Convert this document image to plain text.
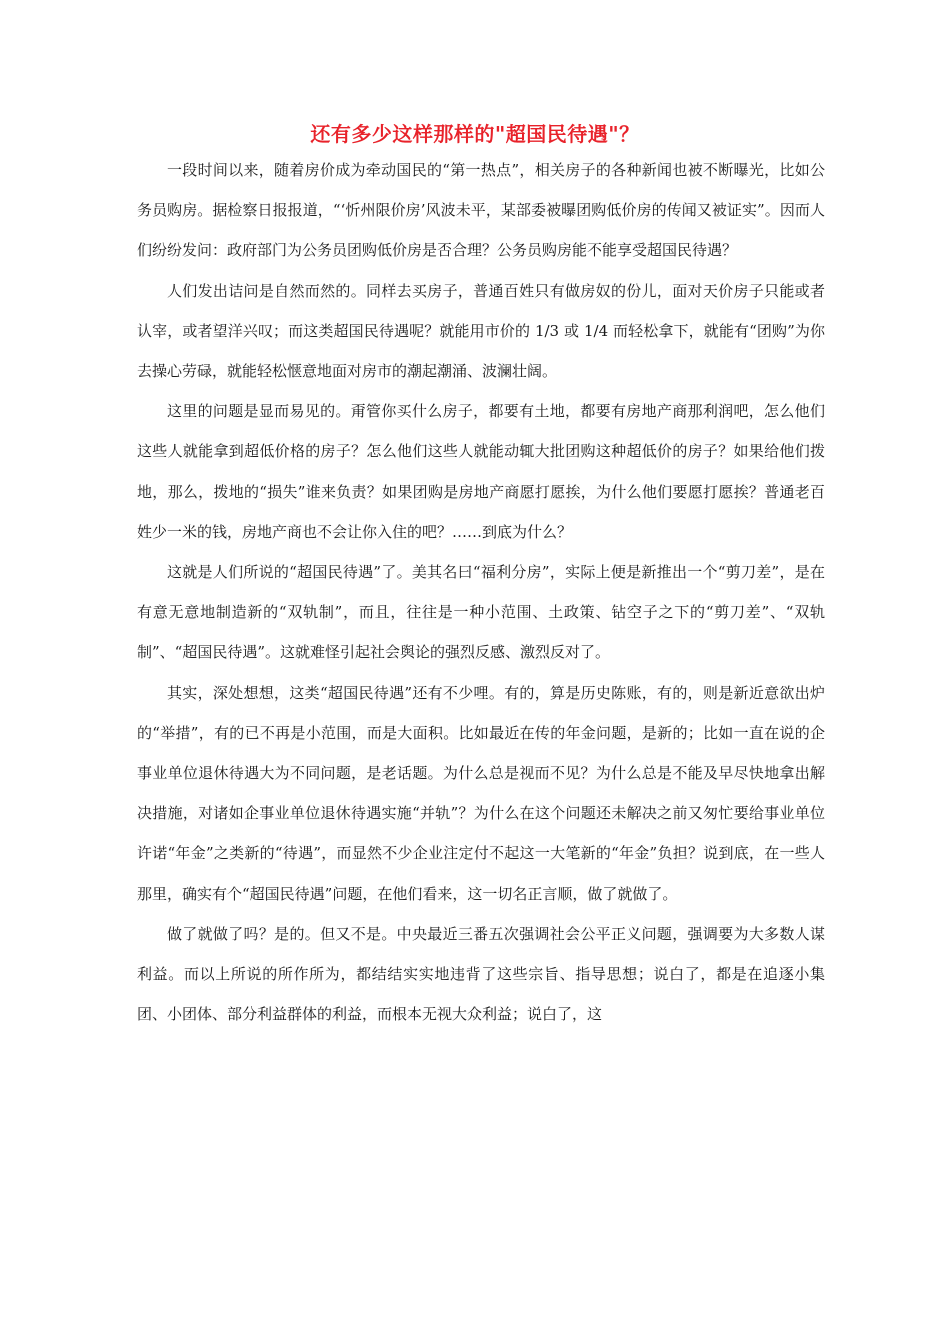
还有多少这样那样的"超国民待遇"？

一段时间以来，随着房价成为牵动国民的“第一热点”，相关房子的各种新闻也被不断曝光，比如公务员购房。据检察日报报道，“‘忻州限价房’风波未平，某部委被曝团购低价房的传闻又被证实”。因而人们纷纷发问：政府部门为公务员团购低价房是否合理？公务员购房能不能享受超国民待遇？

人们发出诘问是自然而然的。同样去买房子，普通百姓只有做房奴的份儿，面对天价房子只能或者认宰，或者望洋兴叹；而这类超国民待遇呢？就能用市价的 1/3 或 1/4 而轻松拿下，就能有“团购”为你去操心劳碌，就能轻松惬意地面对房市的潮起潮涌、波澜壮阔。

这里的问题是显而易见的。甭管你买什么房子，都要有土地，都要有房地产商那利润吧，怎么他们这些人就能拿到超低价格的房子？怎么他们这些人就能动辄大批团购这种超低价的房子？如果给他们拨地，那么，拨地的“损失”谁来负责？如果团购是房地产商愿打愿挨，为什么他们要愿打愿挨？普通老百姓少一米的钱，房地产商也不会让你入住的吧？……到底为什么？

这就是人们所说的“超国民待遇”了。美其名曰“福利分房”，实际上便是新推出一个“剪刀差”，是在有意无意地制造新的“双轨制”，而且，往往是一种小范围、土政策、钻空子之下的“剪刀差”、“双轨制”、“超国民待遇”。这就难怪引起社会舆论的强烈反感、激烈反对了。

其实，深处想想，这类“超国民待遇”还有不少哩。有的，算是历史陈账，有的，则是新近意欲出炉的“举措”，有的已不再是小范围，而是大面积。比如最近在传的年金问题，是新的；比如一直在说的企事业单位退休待遇大为不同问题，是老话题。为什么总是视而不见？为什么总是不能及早尽快地拿出解决措施，对诸如企事业单位退休待遇实施“并轨”？为什么在这个问题还未解决之前又匆忙要给事业单位许诺“年金”之类新的“待遇”，而显然不少企业注定付不起这一大笔新的“年金”负担？说到底，在一些人那里，确实有个“超国民待遇”问题，在他们看来，这一切名正言顺，做了就做了。

做了就做了吗？是的。但又不是。中央最近三番五次强调社会公平正义问题，强调要为大多数人谋利益。而以上所说的所作所为，都结结实实地违背了这些宗旨、指导思想；说白了，都是在追逐小集团、小团体、部分利益群体的利益，而根本无视大众利益；说白了，这
